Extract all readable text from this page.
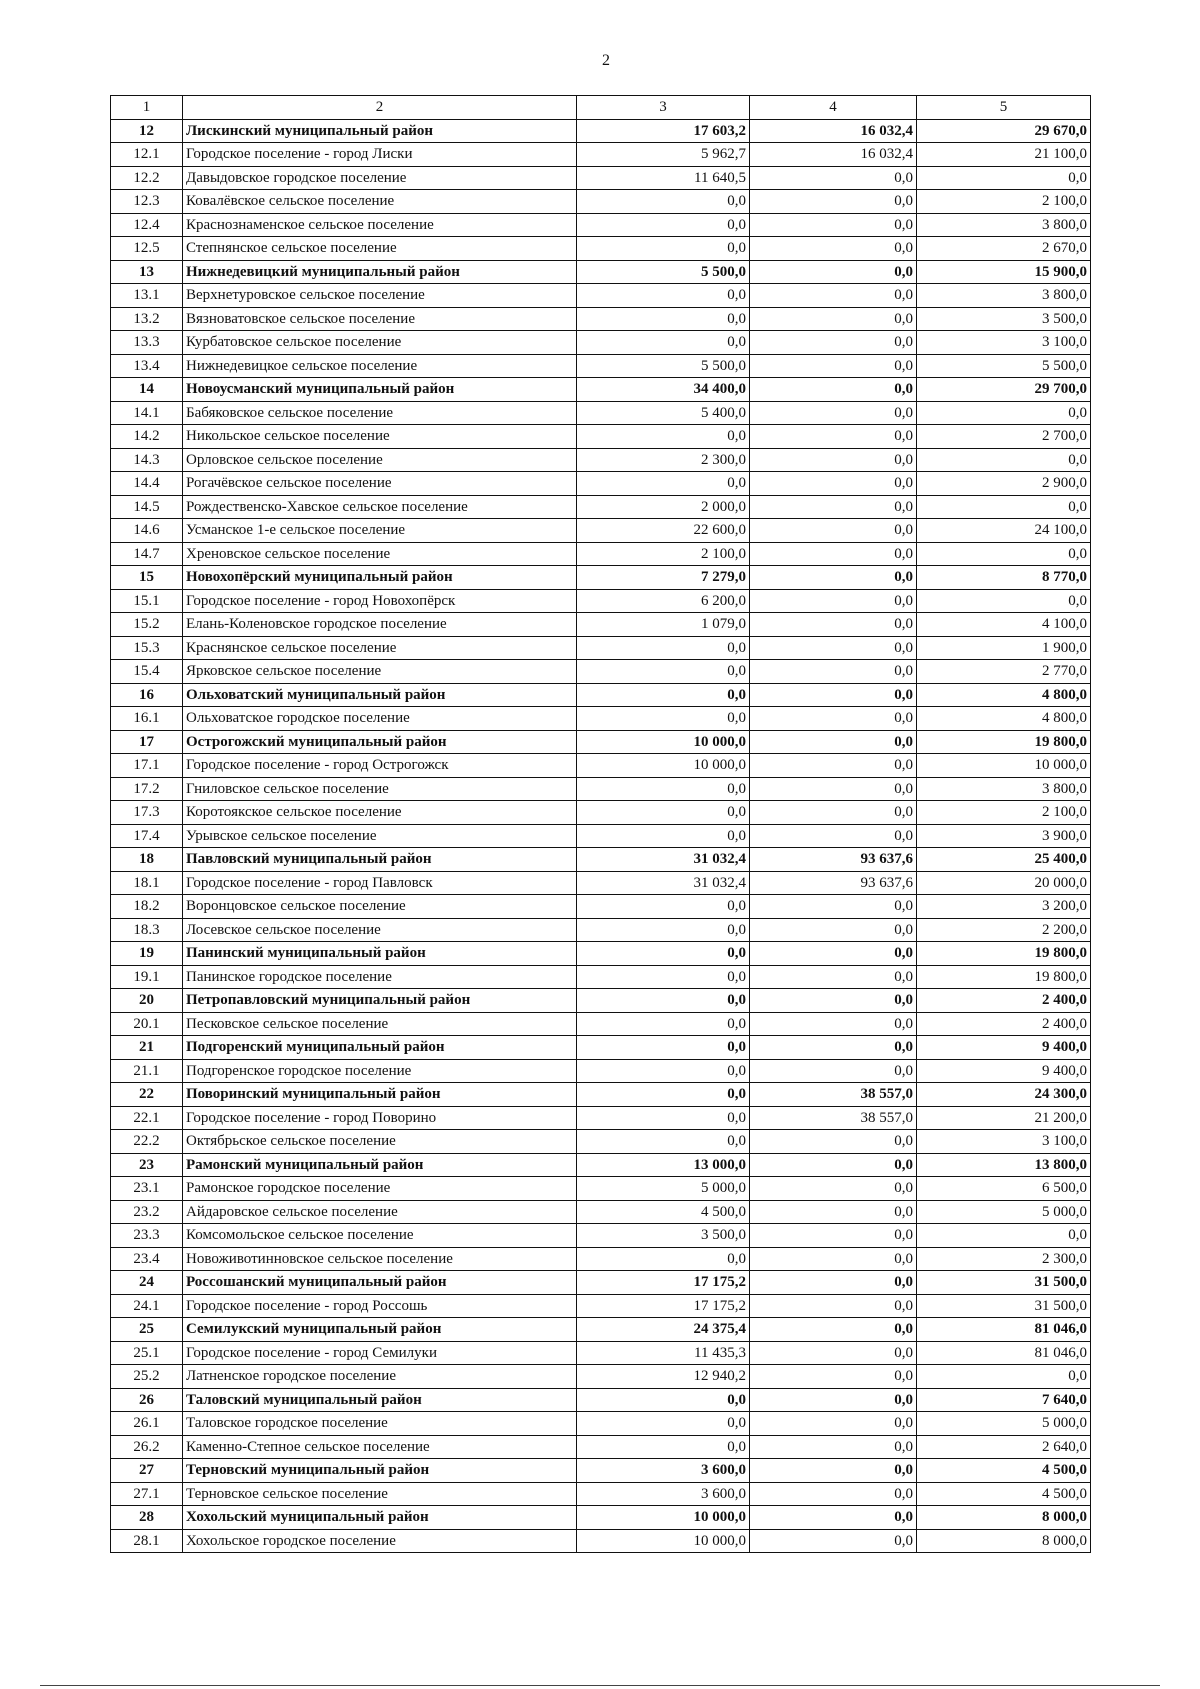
2
1	2	3	4	5
12	Лискинский муниципальный район	17 603,2	16 032,4	29 670,0
12.1	Городское поселение - город Лиски	5 962,7	16 032,4	21 100,0
12.2	Давыдовское городское поселение	11 640,5	0,0	0,0
12.3	Ковалёвское сельское поселение	0,0	0,0	2 100,0
12.4	Краснознаменское сельское поселение	0,0	0,0	3 800,0
12.5	Степнянское сельское поселение	0,0	0,0	2 670,0
13	Нижнедевицкий муниципальный район	5 500,0	0,0	15 900,0
13.1	Верхнетуровское сельское поселение	0,0	0,0	3 800,0
13.2	Вязноватовское сельское поселение	0,0	0,0	3 500,0
13.3	Курбатовское сельское поселение	0,0	0,0	3 100,0
13.4	Нижнедевицкое сельское поселение	5 500,0	0,0	5 500,0
14	Новоусманский муниципальный район	34 400,0	0,0	29 700,0
14.1	Бабяковское сельское поселение	5 400,0	0,0	0,0
14.2	Никольское сельское поселение	0,0	0,0	2 700,0
14.3	Орловское сельское поселение	2 300,0	0,0	0,0
14.4	Рогачёвское сельское поселение	0,0	0,0	2 900,0
14.5	Рождественско-Хавское сельское поселение	2 000,0	0,0	0,0
14.6	Усманское 1-е сельское поселение	22 600,0	0,0	24 100,0
14.7	Хреновское сельское поселение	2 100,0	0,0	0,0
15	Новохопёрский муниципальный район	7 279,0	0,0	8 770,0
15.1	Городское поселение - город Новохопёрск	6 200,0	0,0	0,0
15.2	Елань-Коленовское городское поселение	1 079,0	0,0	4 100,0
15.3	Краснянское сельское поселение	0,0	0,0	1 900,0
15.4	Ярковское сельское поселение	0,0	0,0	2 770,0
16	Ольховатский муниципальный район	0,0	0,0	4 800,0
16.1	Ольховатское городское поселение	0,0	0,0	4 800,0
17	Острогожский муниципальный район	10 000,0	0,0	19 800,0
17.1	Городское поселение - город Острогожск	10 000,0	0,0	10 000,0
17.2	Гниловское сельское поселение	0,0	0,0	3 800,0
17.3	Коротоякское сельское поселение	0,0	0,0	2 100,0
17.4	Урывское сельское поселение	0,0	0,0	3 900,0
18	Павловский муниципальный район	31 032,4	93 637,6	25 400,0
18.1	Городское поселение - город Павловск	31 032,4	93 637,6	20 000,0
18.2	Воронцовское сельское поселение	0,0	0,0	3 200,0
18.3	Лосевское сельское поселение	0,0	0,0	2 200,0
19	Панинский муниципальный район	0,0	0,0	19 800,0
19.1	Панинское городское поселение	0,0	0,0	19 800,0
20	Петропавловский муниципальный район	0,0	0,0	2 400,0
20.1	Песковское сельское поселение	0,0	0,0	2 400,0
21	Подгоренский муниципальный район	0,0	0,0	9 400,0
21.1	Подгоренское городское поселение	0,0	0,0	9 400,0
22	Поворинский муниципальный район	0,0	38 557,0	24 300,0
22.1	Городское поселение - город Поворино	0,0	38 557,0	21 200,0
22.2	Октябрьское сельское поселение	0,0	0,0	3 100,0
23	Рамонский муниципальный район	13 000,0	0,0	13 800,0
23.1	Рамонское городское поселение	5 000,0	0,0	6 500,0
23.2	Айдаровское сельское поселение	4 500,0	0,0	5 000,0
23.3	Комсомольское сельское поселение	3 500,0	0,0	0,0
23.4	Новоживотинновское сельское поселение	0,0	0,0	2 300,0
24	Россошанский муниципальный район	17 175,2	0,0	31 500,0
24.1	Городское поселение - город Россошь	17 175,2	0,0	31 500,0
25	Семилукский муниципальный район	24 375,4	0,0	81 046,0
25.1	Городское поселение - город Семилуки	11 435,3	0,0	81 046,0
25.2	Латненское городское поселение	12 940,2	0,0	0,0
26	Таловский муниципальный район	0,0	0,0	7 640,0
26.1	Таловское городское поселение	0,0	0,0	5 000,0
26.2	Каменно-Степное сельское поселение	0,0	0,0	2 640,0
27	Терновский муниципальный район	3 600,0	0,0	4 500,0
27.1	Терновское сельское поселение	3 600,0	0,0	4 500,0
28	Хохольский муниципальный район	10 000,0	0,0	8 000,0
28.1	Хохольское городское поселение	10 000,0	0,0	8 000,0
